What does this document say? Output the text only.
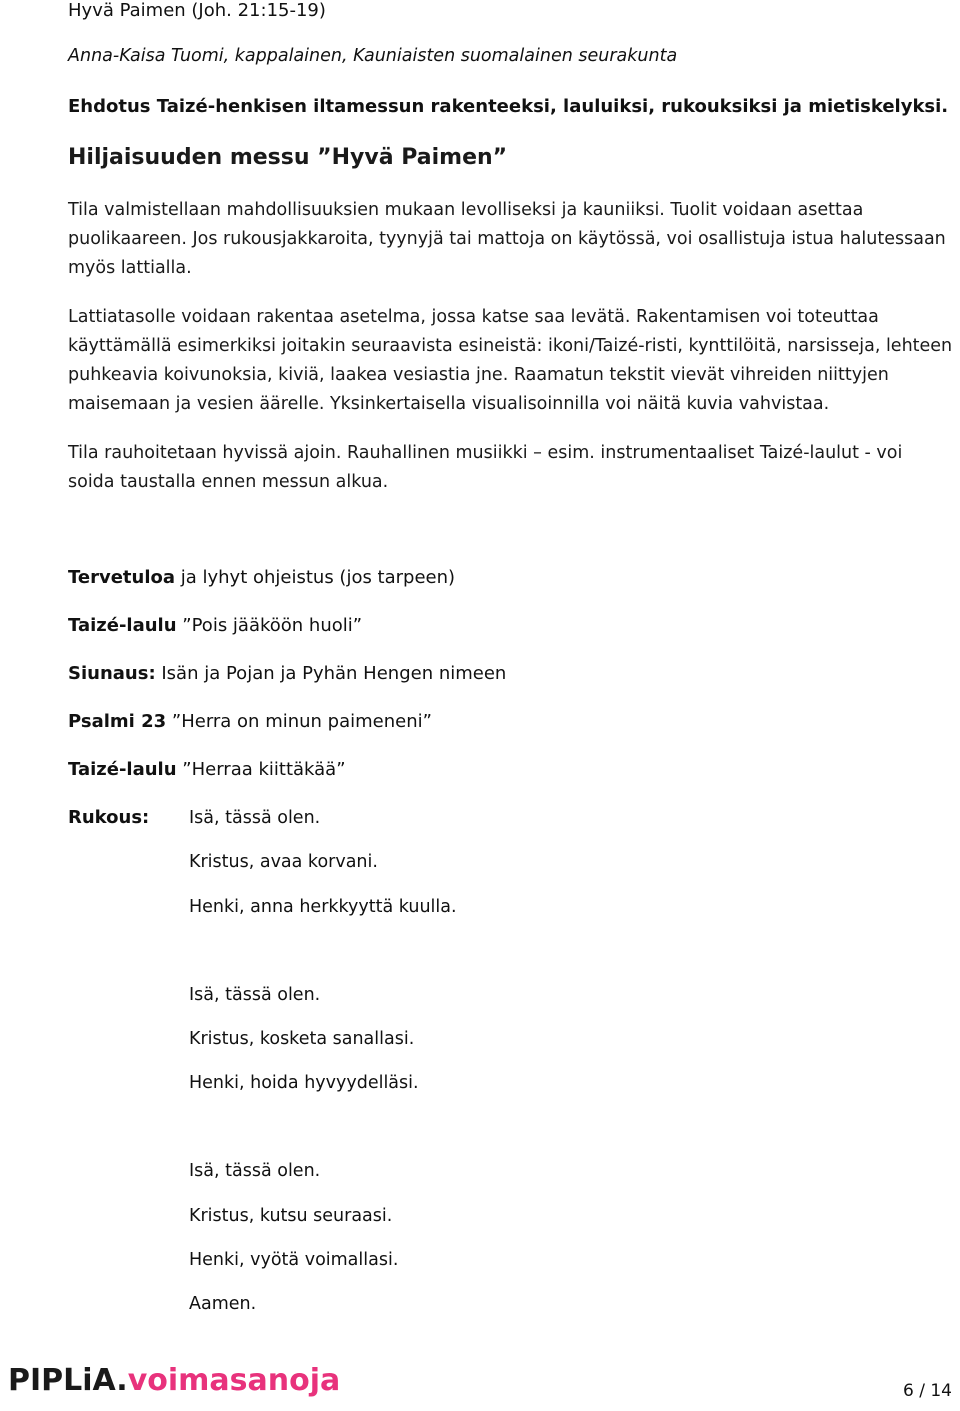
Hyvä Paimen (Joh. 21:15-19)
Anna-Kaisa Tuomi, kappalainen, Kauniaisten suomalainen seurakunta
Ehdotus Taizé-henkisen iltamessun rakenteeksi, lauluiksi, rukouksiksi ja mietiskelyksi.
Hiljaisuuden messu ”Hyvä Paimen”

Tila valmistellaan mahdollisuuksien mukaan levolliseksi ja kauniiksi. Tuolit voidaan asettaa

puolikaareen. Jos rukousjakkaroita, tyynyjä tai mattoja on käytössä, voi osallistuja istua halutessaan

myös lattialla.

Lattiatasolle voidaan rakentaa asetelma, jossa katse saa levätä. Rakentamisen voi toteuttaa

käyttämällä esimerkiksi joitakin seuraavista esineistä: ikoni/Taizé-risti, kynttilöitä, narsisseja, lehteen

puhkeavia koivunoksia, kiviä, laakea vesiastia jne. Raamatun tekstit vievät vihreiden niittyjen

maisemaan ja vesien äärelle. Yksinkertaisella visualisoinnilla voi näitä kuvia vahvistaa.

Tila rauhoitetaan hyvissä ajoin. Rauhallinen musiikki – esim. instrumentaaliset Taizé-laulut - voi

soida taustalla ennen messun alkua.

Tervetuloa ja lyhyt ohjeistus (jos tarpeen)
Taizé-laulu ”Pois jääköön huoli”
Siunaus: Isän ja Pojan ja Pyhän Hengen nimeen
Psalmi 23 ”Herra on minun paimeneni”
Taizé-laulu ”Herraa kiittäkää”
Rukous: Isä, tässä olen.
Kristus, avaa korvani.
Henki, anna herkkyyttä kuulla.
Isä, tässä olen.
Kristus, kosketa sanallasi.
Henki, hoida hyvyydelläsi.
Isä, tässä olen.
Kristus, kutsu seuraasi.
Henki, vyötä voimallasi.
Aamen.
PIPLiA.voimasanoja	6 / 14
